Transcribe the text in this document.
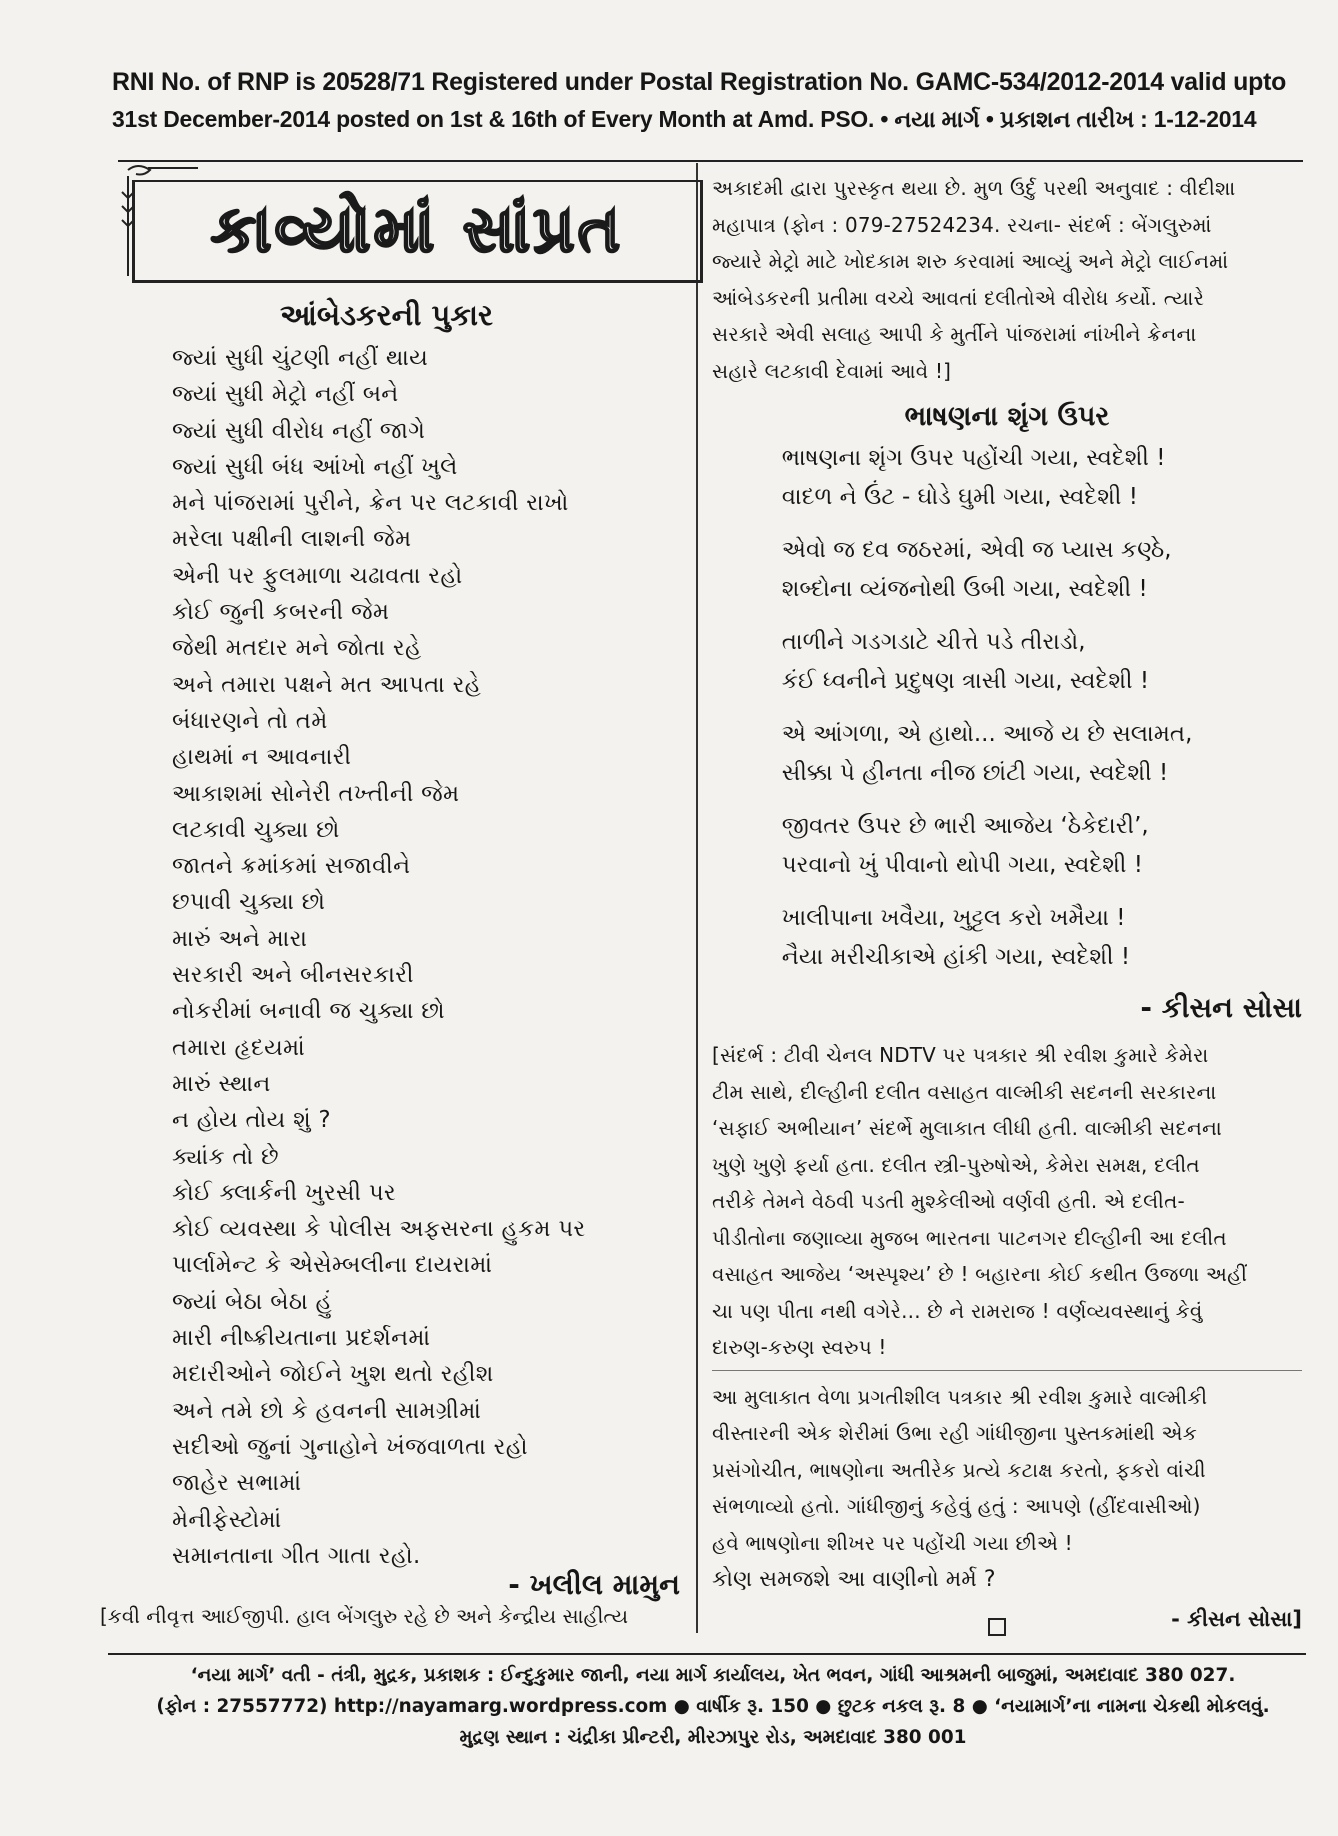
RNI No. of RNP is 20528/71 Registered under Postal Registration No. GAMC-534/2012-2014 valid upto
31st December-2014 posted on 1st & 16th of Every Month at Amd. PSO. • નયા માર્ગ • પ્રકાશન તારીખ : 1-12-2014
કાવ્યોમાં સાંપ્રત
આંબેડકરની પુકાર
જ્યાં સુધી ચુંટણી નહીં થાય
જ્યાં સુધી મેટ્રો નહીં બને
જ્યાં સુધી વીરોધ નહીં જાગે
જ્યાં સુધી બંધ આંખો નહીં ખુલે
મને પાંજરામાં પુરીને, ક્રેન પર લટકાવી રાખો
મરેલા પક્ષીની લાશની જેમ
એની પર ફુલમાળા ચઢાવતા રહો
કોઈ જુની કબરની જેમ
જેથી મતદાર મને જોતા રહે
અને તમારા પક્ષને મત આપતા રહે
બંધારણને તો તમે
હાથમાં ન આવનારી
આકાશમાં સોનેરી તખ્તીની જેમ
લટકાવી ચુક્યા છો
જાતને ક્રમાંકમાં સજાવીને
છપાવી ચુક્યા છો
મારું અને મારા
સરકારી અને બીનસરકારી
નોકરીમાં બનાવી જ ચુક્યા છો
તમારા હૃદયમાં
મારું સ્થાન
ન હોય તોય શું ?
ક્યાંક તો છે
કોઈ ક્લાર્કની ખુરસી પર
કોઈ વ્યવસ્થા કે પોલીસ અફસરના હુકમ પર
પાર્લામેન્ટ કે એસેમ્બલીના દાયરામાં
જ્યાં બેઠા બેઠા હું
મારી નીષ્ક્રીયતાના પ્રદર્શનમાં
મદારીઓને જોઈને ખુશ થતો રહીશ
અને તમે છો કે હવનની સામગ્રીમાં
સદીઓ જુનાં ગુનાહોને ખંજવાળતા રહો
જાહેર સભામાં
મેનીફેસ્ટોમાં
સમાનતાના ગીત ગાતા રહો.
- ખલીલ મામુન
[કવી નીવૃત્ત આઈજીપી. હાલ બેંગલુરુ રહે છે અને કેન્દ્રીય સાહીત્ય
અકાદમી દ્વારા પુરસ્કૃત થયા છે. મુળ ઉર્દુ પરથી અનુવાદ : વીદીશા
મહાપાત્ર (ફોન : 079-27524234. રચના- સંદર્ભ : બેંગલુરુમાં
જ્યારે મેટ્રો માટે ખોદકામ શરુ કરવામાં આવ્યું અને મેટ્રો લાઈનમાં
આંબેડકરની પ્રતીમા વચ્ચે આવતાં દલીતોએ વીરોધ કર્યો. ત્યારે
સરકારે એવી સલાહ આપી કે મુર્તીને પાંજરામાં નાંખીને ક્રેનના
સહારે લટકાવી દેવામાં આવે !]
ભાષણના શૃંગ ઉપર
ભાષણના શૃંગ ઉપર પહોંચી ગયા, સ્વદેશી !
વાદળ ને ઉંટ - ઘોડે ઘુમી ગયા, સ્વદેશી !
એવો જ દવ જઠરમાં, એવી જ પ્યાસ કણ્ઠે,
શબ્દોના વ્યંજનોથી ઉબી ગયા, સ્વદેશી !
તાળીને ગડગડાટે ચીત્તે પડે તીરાડો,
કંઈ ધ્વનીને પ્રદુષણ ત્રાસી ગયા, સ્વદેશી !
એ આંગળા, એ હાથો... આજે ય છે સલામત,
સીક્કા પે હીનતા નીજ છાંટી ગયા, સ્વદેશી !
જીવતર ઉપર છે ભારી આજેય ‘ઠેકેદારી’,
પરવાનો ખું પીવાનો થોપી ગયા, સ્વદેશી !
ખાલીપાના ખવૈયા, ખુટ્ટલ કરો ખમૈયા !
નૈયા મરીચીકાએ હાંકી ગયા, સ્વદેશી !
- કીસન સોસા
[સંદર્ભ : ટીવી ચેનલ NDTV પર પત્રકાર શ્રી રવીશ કુમારે કેમેરા
ટીમ સાથે, દીલ્હીની દલીત વસાહત વાલ્મીકી સદનની સરકારના
‘સફાઈ અભીયાન’ સંદર્ભે મુલાકાત લીધી હતી. વાલ્મીકી સદનના
ખુણે ખુણે ફર્યા હતા. દલીત સ્ત્રી-પુરુષોએ, કેમેરા સમક્ષ, દલીત
તરીકે તેમને વેઠવી પડતી મુશ્કેલીઓ વર્ણવી હતી. એ દલીત-
પીડીતોના જણાવ્યા મુજબ ભારતના પાટનગર દીલ્હીની આ દલીત
વસાહત આજેય ‘અસ્પૃશ્ય’ છે ! બહારના કોઈ કથીત ઉજળા અહીં
ચા પણ પીતા નથી વગેરે... છે ને રામરાજ ! વર્ણવ્યવસ્થાનું કેવું
દારુણ-કરુણ સ્વરુપ !
આ મુલાકાત વેળા પ્રગતીશીલ પત્રકાર શ્રી રવીશ કુમારે વાલ્મીકી
વીસ્તારની એક શેરીમાં ઉભા રહી ગાંધીજીના પુસ્તકમાંથી એક
પ્રસંગોચીત, ભાષણોના અતીરેક પ્રત્યે કટાક્ષ કરતો, ફકરો વાંચી
સંભળાવ્યો હતો. ગાંધીજીનું કહેવું હતું : આપણે (હીંદવાસીઓ)
હવે ભાષણોના શીખર પર પહોંચી ગયા છીએ !
કોણ સમજશે આ વાણીનો મર્મ ?
- કીસન સોસા]
‘નયા માર્ગ’ વતી - તંત્રી, મુદ્રક, પ્રકાશક : ઈન્દુકુમાર જાની, નયા માર્ગ કાર્યાલય, ખેત ભવન, ગાંધી આશ્રમની બાજુમાં, અમદાવાદ 380 027.
(ફોન : 27557772) http://nayamarg.wordpress.com ● વાર્ષીક રૂ. 150 ● છુટક નકલ રૂ. 8 ● ‘નયામાર્ગ’ના નામના ચેકથી મોકલવું.
મુદ્રણ સ્થાન : ચંદ્રીકા પ્રીન્ટરી, મીરઝાપુર રોડ, અમદાવાદ 380 001
